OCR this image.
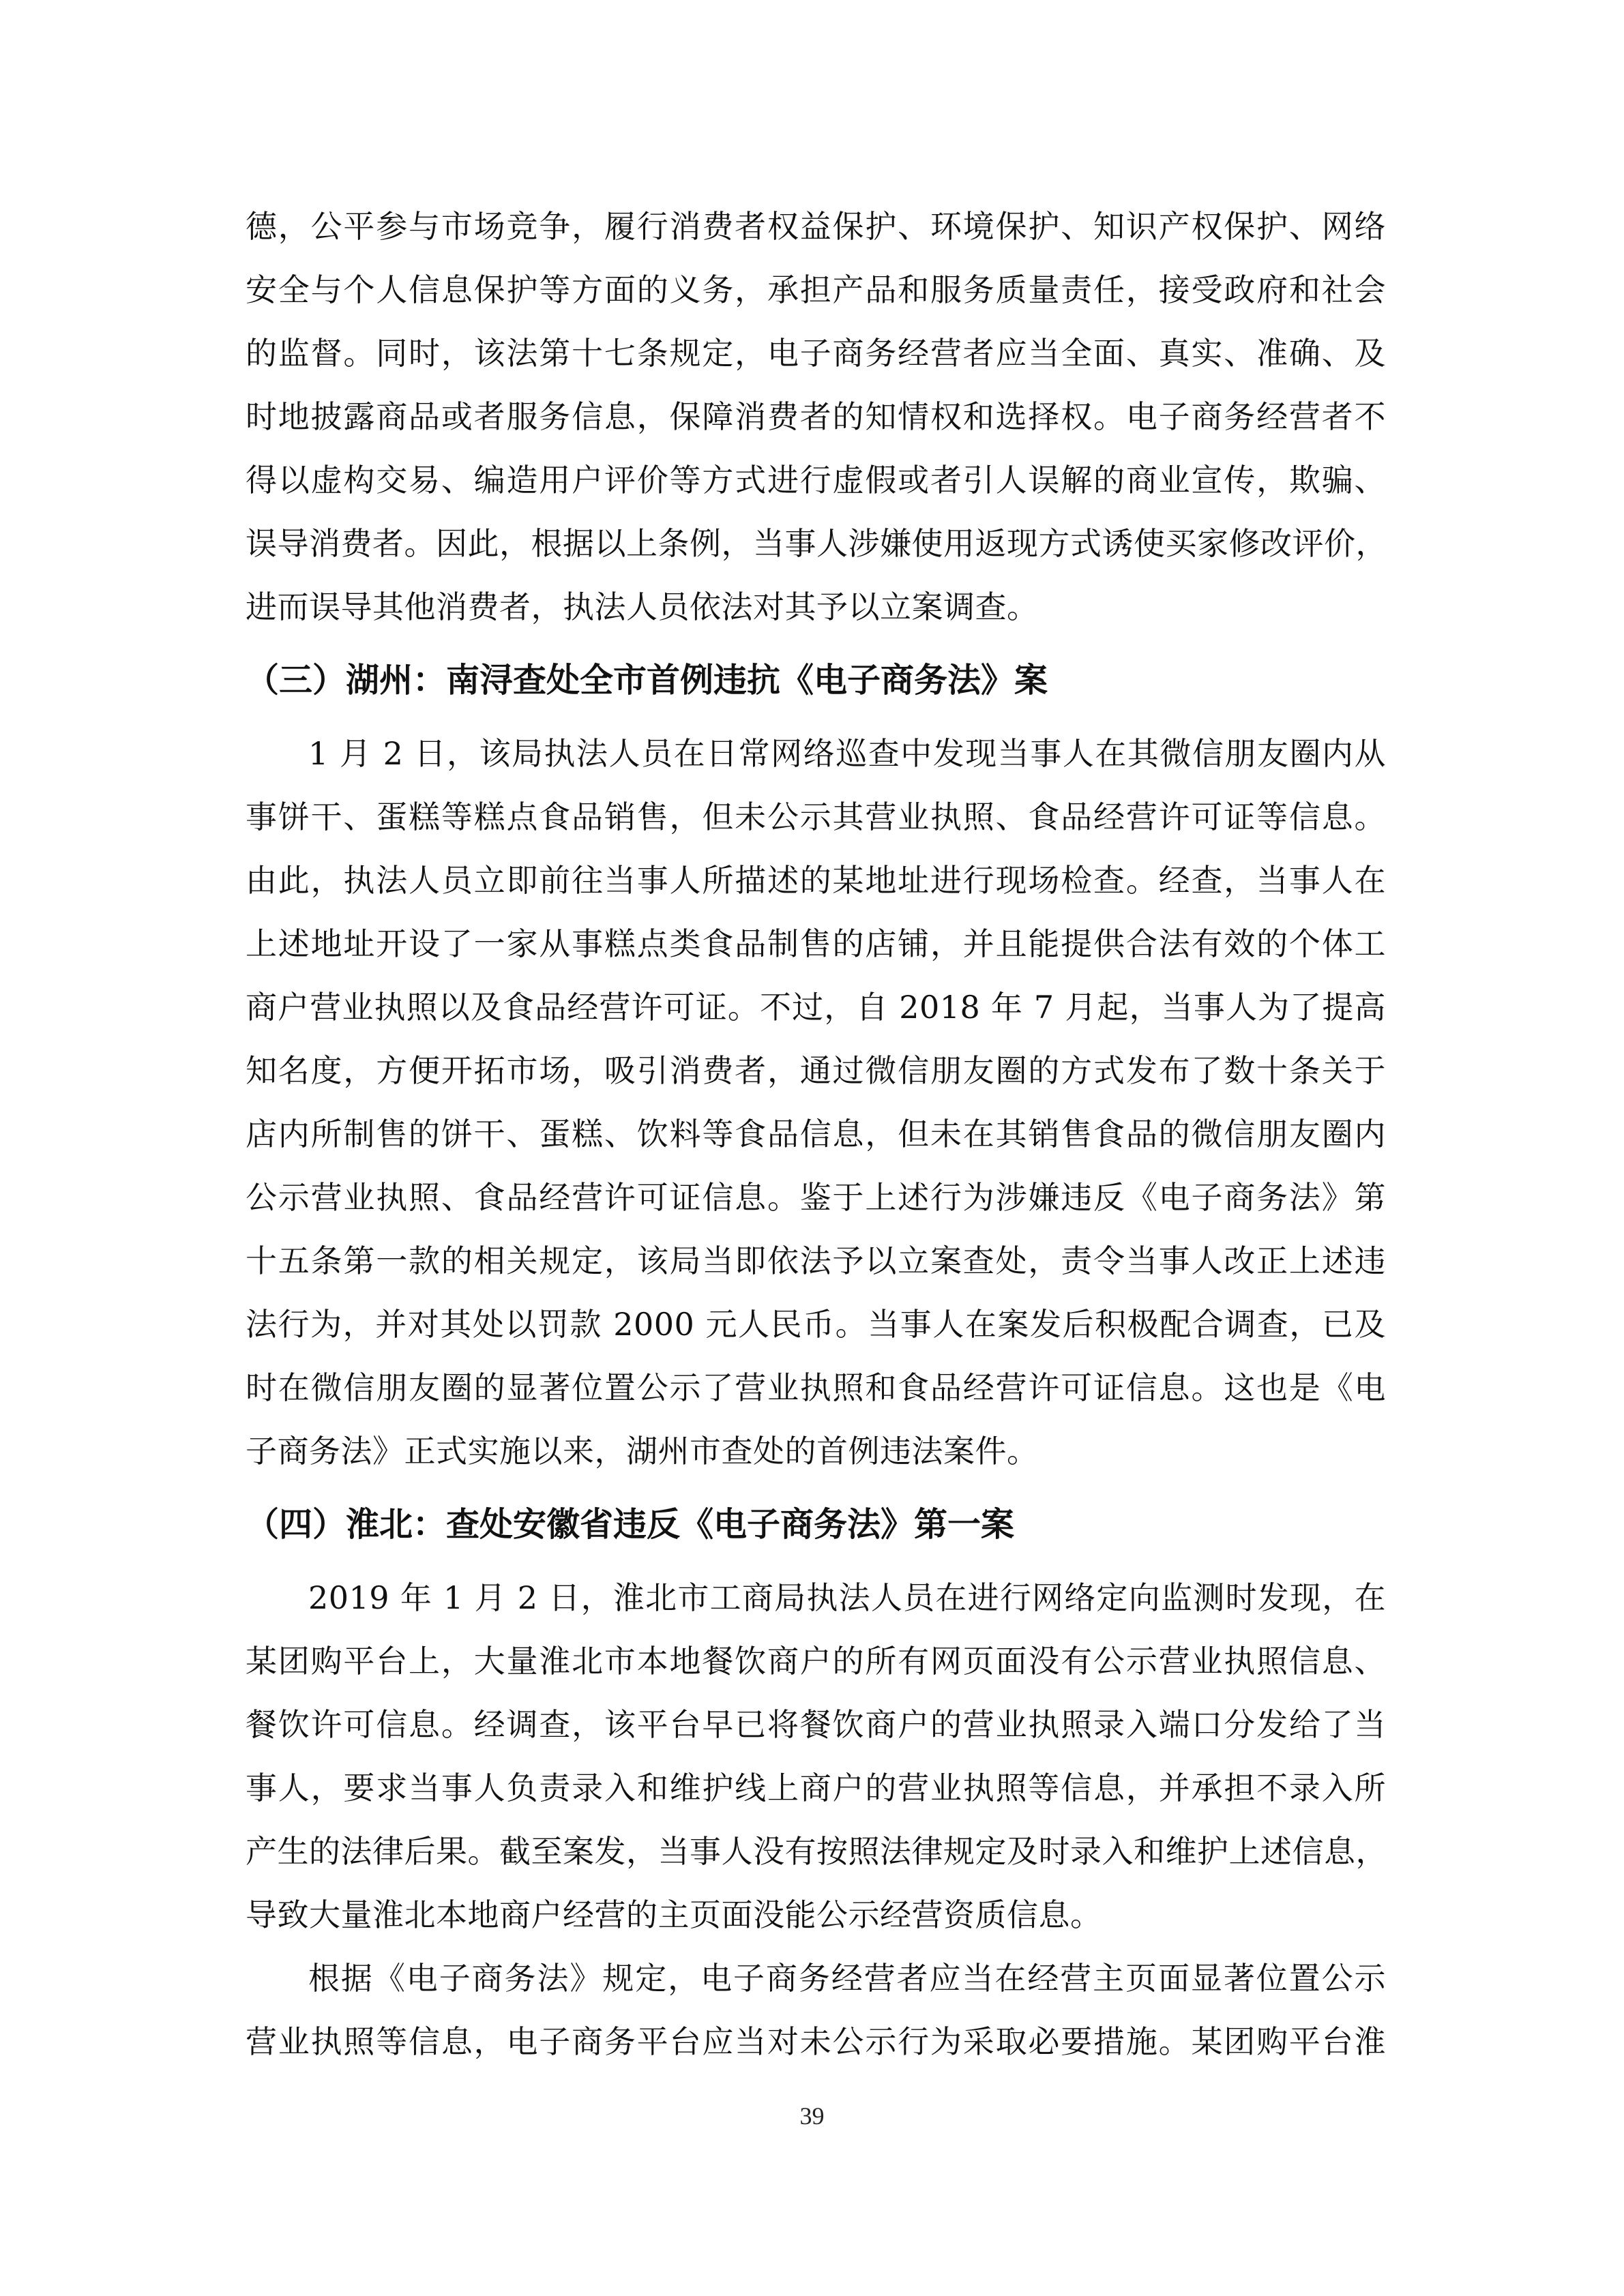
德，公平参与市场竞争，履行消费者权益保护、环境保护、知识产权保护、网络
安全与个人信息保护等方面的义务，承担产品和服务质量责任，接受政府和社会
的监督。同时，该法第十七条规定，电子商务经营者应当全面、真实、准确、及
时地披露商品或者服务信息，保障消费者的知情权和选择权。电子商务经营者不
得以虚构交易、编造用户评价等方式进行虚假或者引人误解的商业宣传，欺骗、
误导消费者。因此，根据以上条例，当事人涉嫌使用返现方式诱使买家修改评价，
进而误导其他消费者，执法人员依法对其予以立案调查。
（三）湖州：南浔查处全市首例违抗《电子商务法》案
1 月 2 日，该局执法人员在日常网络巡查中发现当事人在其微信朋友圈内从
事饼干、蛋糕等糕点食品销售，但未公示其营业执照、食品经营许可证等信息。
由此，执法人员立即前往当事人所描述的某地址进行现场检查。经查，当事人在
上述地址开设了一家从事糕点类食品制售的店铺，并且能提供合法有效的个体工
商户营业执照以及食品经营许可证。不过，自 2018 年 7 月起，当事人为了提高
知名度，方便开拓市场，吸引消费者，通过微信朋友圈的方式发布了数十条关于
店内所制售的饼干、蛋糕、饮料等食品信息，但未在其销售食品的微信朋友圈内
公示营业执照、食品经营许可证信息。鉴于上述行为涉嫌违反《电子商务法》第
十五条第一款的相关规定，该局当即依法予以立案查处，责令当事人改正上述违
法行为，并对其处以罚款 2000 元人民币。当事人在案发后积极配合调查，已及
时在微信朋友圈的显著位置公示了营业执照和食品经营许可证信息。这也是《电
子商务法》正式实施以来，湖州市查处的首例违法案件。
（四）淮北：查处安徽省违反《电子商务法》第一案
2019 年 1 月 2 日，淮北市工商局执法人员在进行网络定向监测时发现，在
某团购平台上，大量淮北市本地餐饮商户的所有网页面没有公示营业执照信息、
餐饮许可信息。经调查，该平台早已将餐饮商户的营业执照录入端口分发给了当
事人，要求当事人负责录入和维护线上商户的营业执照等信息，并承担不录入所
产生的法律后果。截至案发，当事人没有按照法律规定及时录入和维护上述信息，
导致大量淮北本地商户经营的主页面没能公示经营资质信息。
根据《电子商务法》规定，电子商务经营者应当在经营主页面显著位置公示
营业执照等信息，电子商务平台应当对未公示行为采取必要措施。某团购平台淮
39
